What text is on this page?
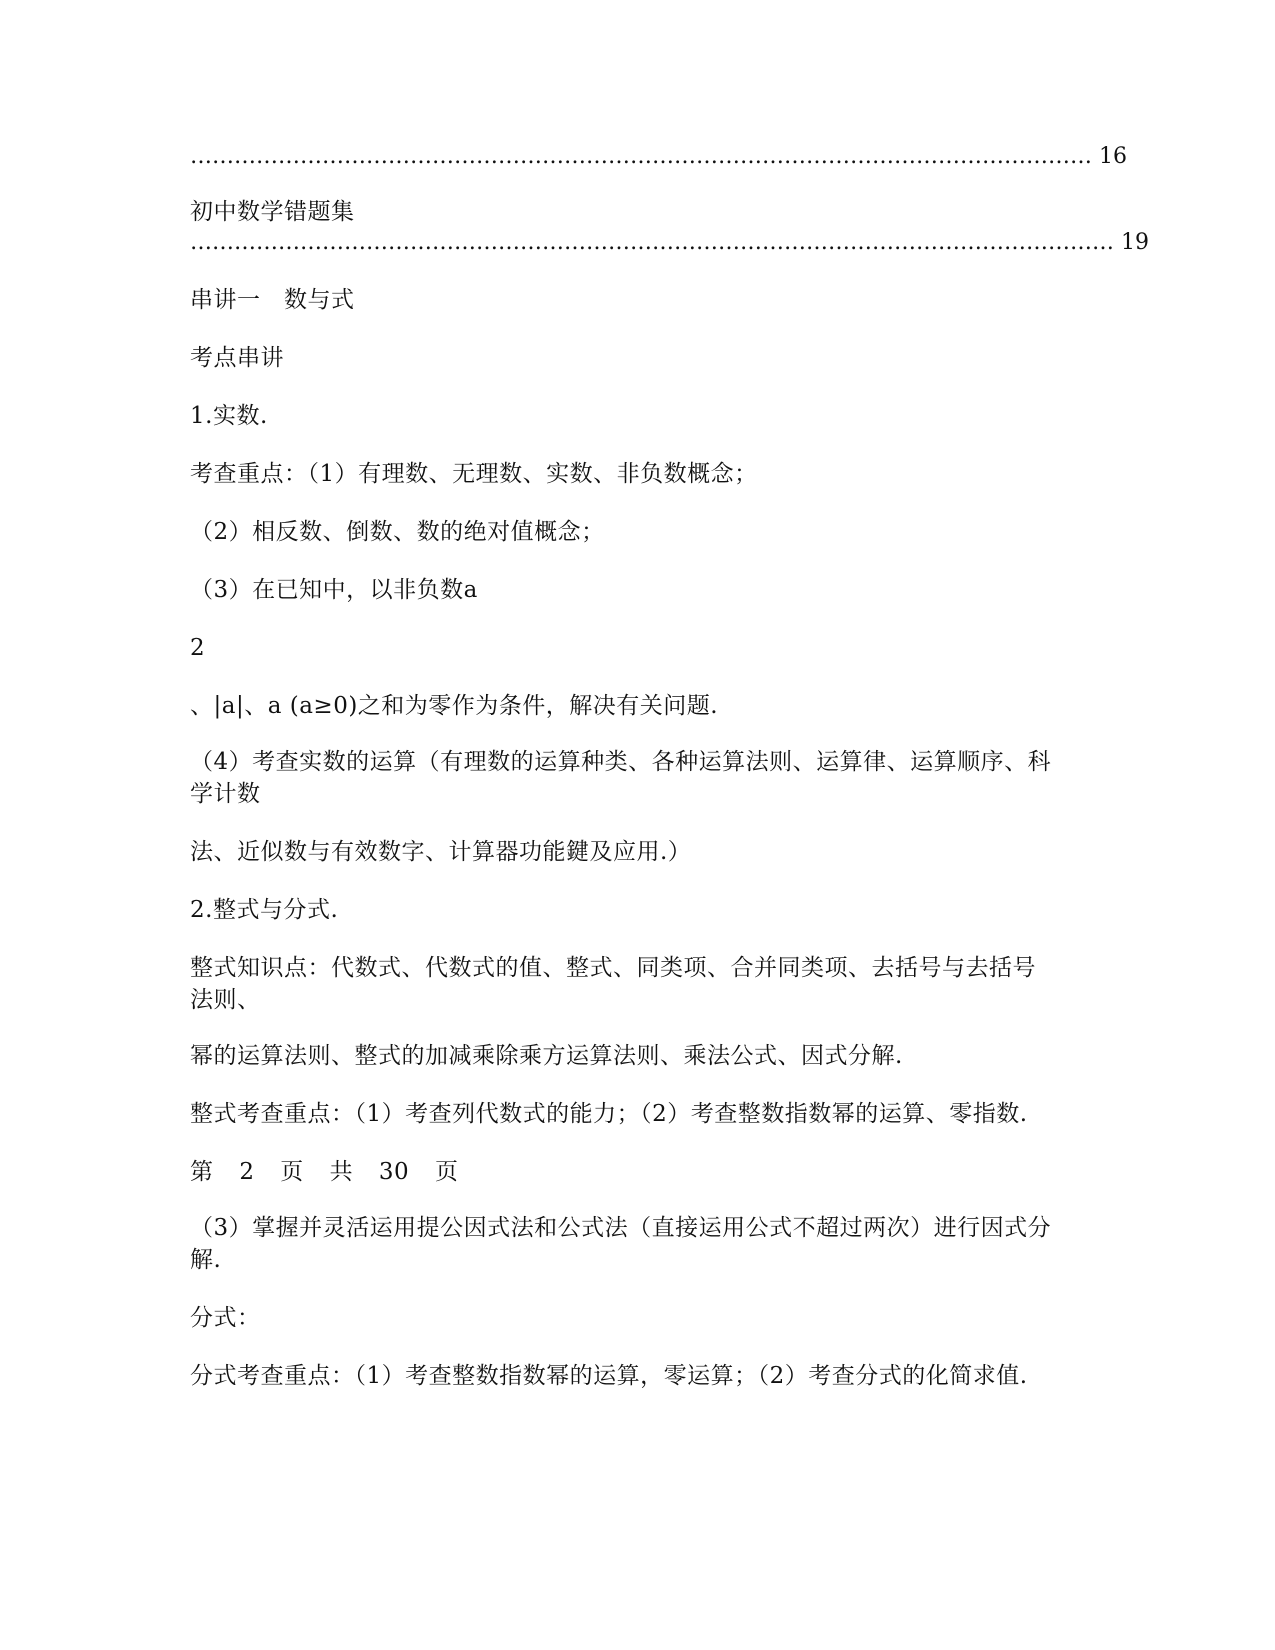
…………………………………………………………………………………………………………… 16
初中数学错题集
……………………………………………………………………………………………………………… 19
串讲一　数与式
考点串讲
1.实数.
考查重点：（1）有理数、无理数、实数、非负数概念；
（2）相反数、倒数、数的绝对值概念；
（3）在已知中，以非负数a
2
、|a|、a (a≥0)之和为零作为条件，解决有关问题.
（4）考查实数的运算（有理数的运算种类、各种运算法则、运算律、运算顺序、科
学计数
法、近似数与有效数字、计算器功能鍵及应用.）
2.整式与分式.
整式知识点：代数式、代数式的值、整式、同类项、合并同类项、去括号与去括号
法则、
幂的运算法则、整式的加减乘除乘方运算法则、乘法公式、因式分解.
整式考查重点：（1）考查列代数式的能力；（2）考查整数指数幂的运算、零指数.
第 2 页 共 30 页
（3）掌握并灵活运用提公因式法和公式法（直接运用公式不超过两次）进行因式分
解.
分式：
分式考查重点：（1）考查整数指数幂的运算，零运算；（2）考查分式的化简求值.
